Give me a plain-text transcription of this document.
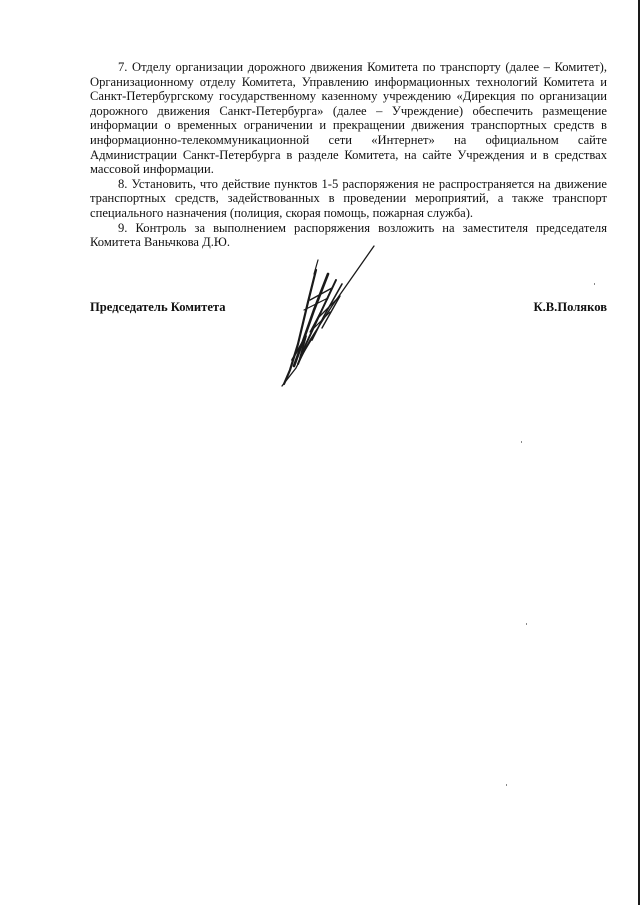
7. Отделу организации дорожного движения Комитета по транспорту (далее – Комитет), Организационному отделу Комитета, Управлению информационных технологий Комитета и Санкт-Петербургскому государственному казенному учреждению «Дирекция по организации дорожного движения Санкт-Петербурга» (далее – Учреждение) обеспечить размещение информации о временных ограничении и прекращении движения транспортных средств в информационно-телекоммуникационной сети «Интернет» на официальном сайте Администрации Санкт-Петербурга в разделе Комитета, на сайте Учреждения и в средствах массовой информации.

8. Установить, что действие пунктов 1-5 распоряжения не распространяется на движение транспортных средств, задействованных в проведении мероприятий, а также транспорт специального назначения (полиция, скорая помощь, пожарная служба).

9. Контроль за выполнением распоряжения возложить на заместителя председателя Комитета Ваньчкова Д.Ю.

Председатель Комитета	К.В.Поляков
